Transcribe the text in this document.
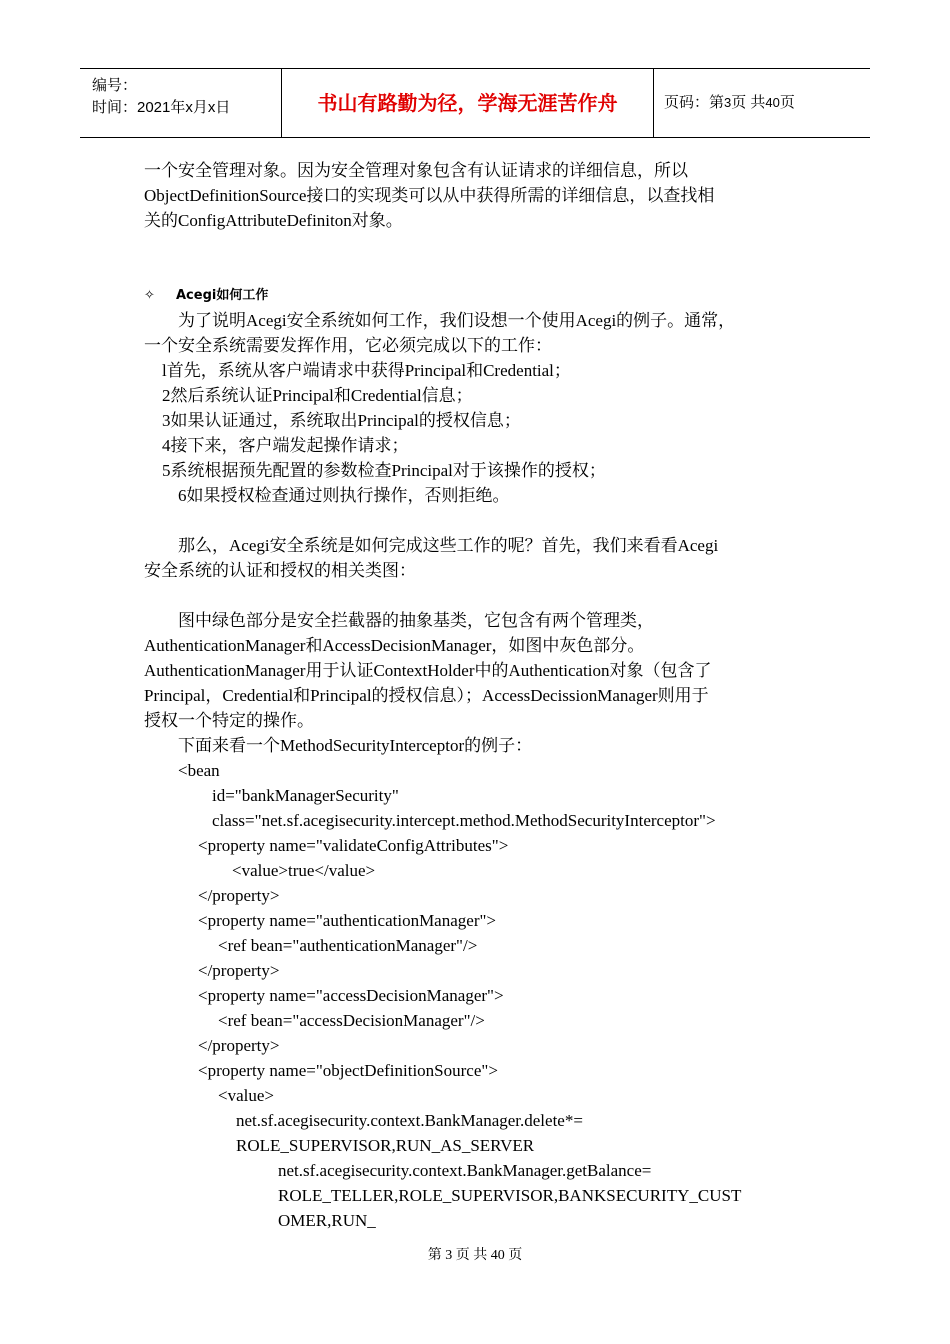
编号：
时间：2021年x月x日	书山有路勤为径，学海无涯苦作舟	页码：第3页 共40页
一个安全管理对象。因为安全管理对象包含有认证请求的详细信息，所以
ObjectDefinitionSource接口的实现类可以从中获得所需的详细信息，以查找相
关的ConfigAttributeDefiniton对象。
✧ Acegi如何工作
为了说明Acegi安全系统如何工作，我们设想一个使用Acegi的例子。通常，
一个安全系统需要发挥作用，它必须完成以下的工作：
l首先，系统从客户端请求中获得Principal和Credential；
2然后系统认证Principal和Credential信息；
3如果认证通过，系统取出Principal的授权信息；
4接下来，客户端发起操作请求；
5系统根据预先配置的参数检查Principal对于该操作的授权；
6如果授权检查通过则执行操作，否则拒绝。
那么，Acegi安全系统是如何完成这些工作的呢？首先，我们来看看Acegi
安全系统的认证和授权的相关类图：
图中绿色部分是安全拦截器的抽象基类，它包含有两个管理类，
AuthenticationManager和AccessDecisionManager，如图中灰色部分。
AuthenticationManager用于认证ContextHolder中的Authentication对象（包含了
Principal，Credential和Principal的授权信息）；AccessDecissionManager则用于
授权一个特定的操作。
下面来看一个MethodSecurityInterceptor的例子：
<bean
id="bankManagerSecurity"
class="net.sf.acegisecurity.intercept.method.MethodSecurityInterceptor">
<property name="validateConfigAttributes">
<value>true</value>
</property>
<property name="authenticationManager">
<ref bean="authenticationManager"/>
</property>
<property name="accessDecisionManager">
<ref bean="accessDecisionManager"/>
</property>
<property name="objectDefinitionSource">
<value>
net.sf.acegisecurity.context.BankManager.delete*=
ROLE_SUPERVISOR,RUN_AS_SERVER
net.sf.acegisecurity.context.BankManager.getBalance=
ROLE_TELLER,ROLE_SUPERVISOR,BANKSECURITY_CUST
OMER,RUN_
第 3 页 共 40 页
